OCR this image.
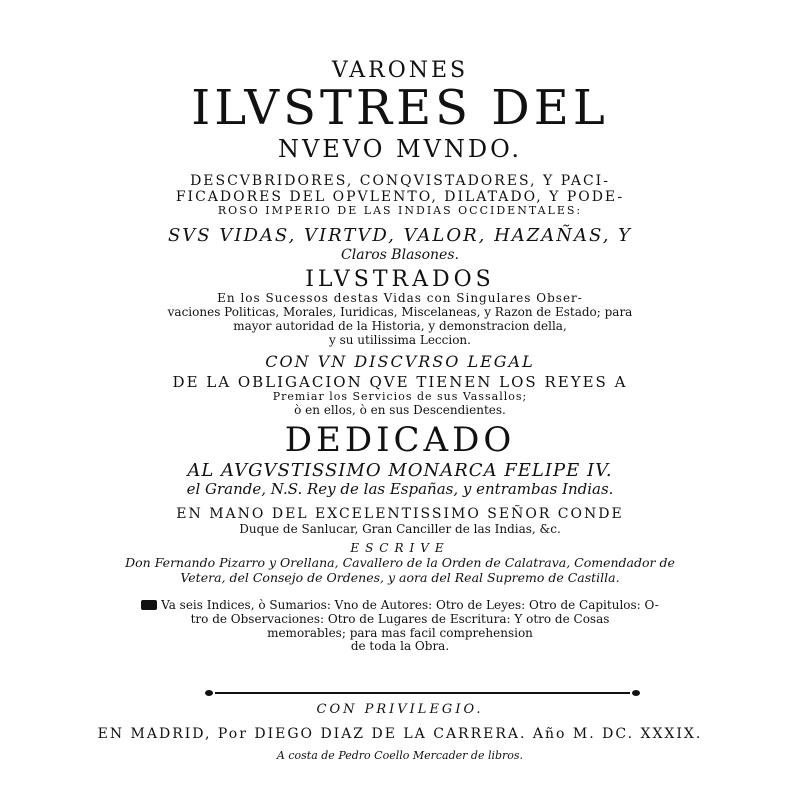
VARONES
ILVSTRES DEL
NVEVO MVNDO.
DESCVBRIDORES, CONQVISTADORES, Y PACI-
FICADORES DEL OPVLENTO, DILATADO, Y PODE-
ROSO IMPERIO DE LAS INDIAS OCCIDENTALES:
SVS VIDAS, VIRTVD, VALOR, HAZAÑAS, Y
Claros Blasones.
ILVSTRADOS
En los Sucessos destas Vidas con Singulares Obser-
vaciones Politicas, Morales, Iuridicas, Miscelaneas, y Razon de Estado; para
mayor autoridad de la Historia, y demonstracion della,
y su utilissima Leccion.
CON VN DISCVRSO LEGAL
DE LA OBLIGACION QVE TIENEN LOS REYES A
Premiar los Servicios de sus Vassallos;
ò en ellos, ò en sus Descendientes.
DEDICADO
AL AVGVSTISSIMO MONARCA FELIPE IV.
el Grande, N.S. Rey de las Españas, y entrambas Indias.
EN MANO DEL EXCELENTISSIMO SEÑOR CONDE
Duque de Sanlucar, Gran Canciller de las Indias, &c.
ESCRIVE
Don Fernando Pizarro y Orellana, Cavallero de la Orden de Calatrava, Comendador de
Vetera, del Consejo de Ordenes, y aora del Real Supremo de Castilla.
Va seis Indices, ò Sumarios: Vno de Autores: Otro de Leyes: Otro de Capitulos: O-
tro de Observaciones: Otro de Lugares de Escritura: Y otro de Cosas
memorables; para mas facil comprehension
de toda la Obra.
CON PRIVILEGIO.
EN MADRID, Por DIEGO DIAZ DE LA CARRERA. Año M. DC. XXXIX.
A costa de Pedro Coello Mercader de libros.
